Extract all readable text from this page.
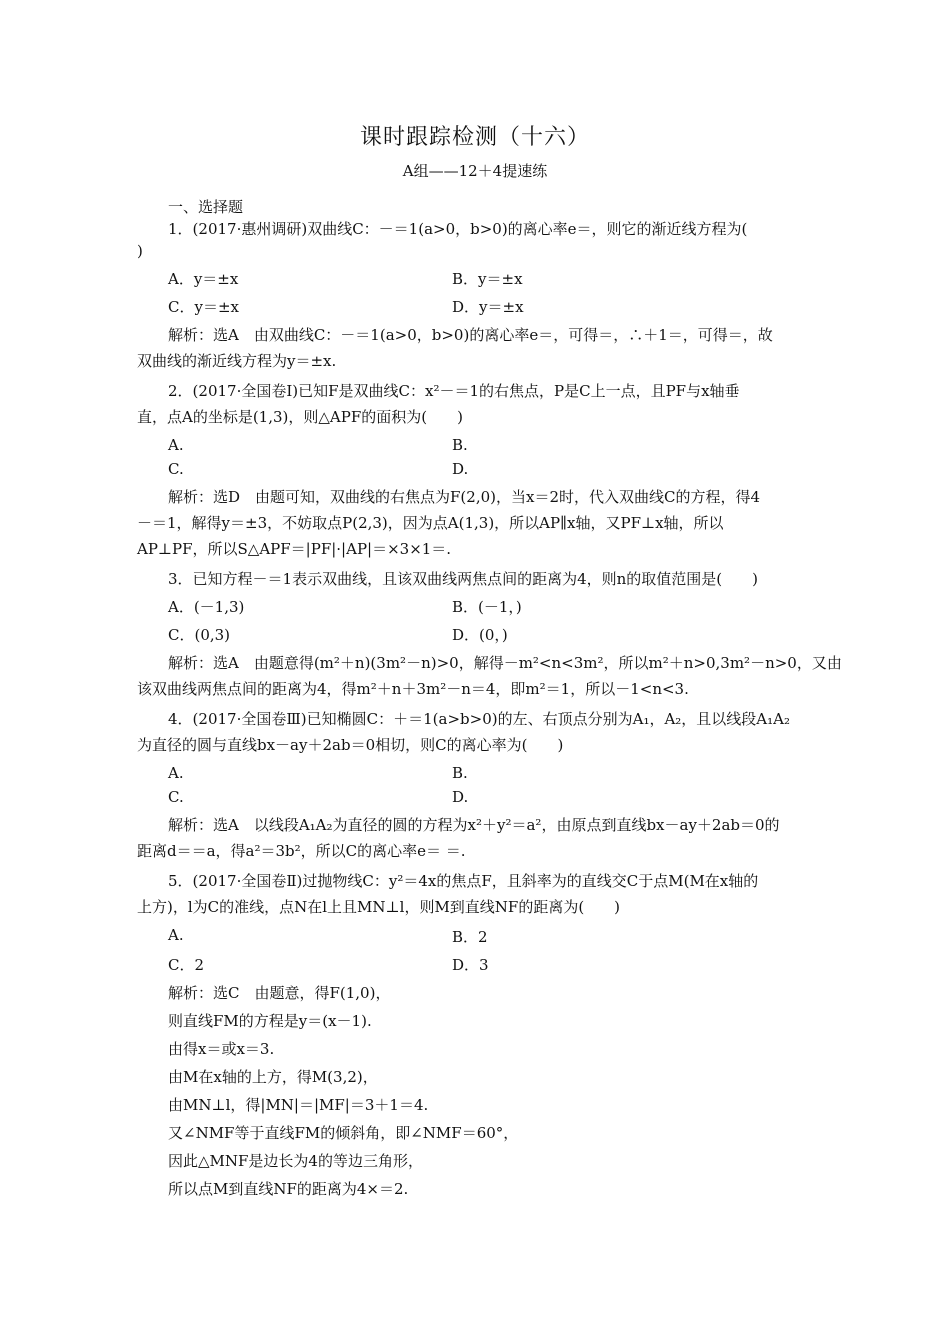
课时跟踪检测（十六）
A组——12＋4提速练
一、选择题
1．(2017·惠州调研)双曲线C：－＝1(a>0，b>0)的离心率e＝，则它的渐近线方程为(
)
A．y＝±x	B．y＝±x
C．y＝±x	D．y＝±x
解析：选A　由双曲线C：－＝1(a>0，b>0)的离心率e＝，可得＝，∴＋1＝，可得＝，故
双曲线的渐近线方程为y＝±x.
2．(2017·全国卷Ⅰ)已知F是双曲线C：x²－＝1的右焦点，P是C上一点，且PF与x轴垂
直，点A的坐标是(1,3)，则△APF的面积为(　　)
A.	B.
C.	D.
解析：选D　由题可知，双曲线的右焦点为F(2,0)，当x＝2时，代入双曲线C的方程，得4
－＝1，解得y＝±3，不妨取点P(2,3)，因为点A(1,3)，所以AP∥x轴，又PF⊥x轴，所以
AP⊥PF，所以S△APF＝|PF|·|AP|＝×3×1＝.
3．已知方程－＝1表示双曲线，且该双曲线两焦点间的距离为4，则n的取值范围是(　　)
A．(－1,3)	B．(－1，)
C．(0,3)	D．(0，)
解析：选A　由题意得(m²＋n)(3m²－n)>0，解得－m²<n<3m²，所以m²＋n>0,3m²－n>0，又由
该双曲线两焦点间的距离为4，得m²＋n＋3m²－n＝4，即m²＝1，所以－1<n<3.
4．(2017·全国卷Ⅲ)已知椭圆C：＋＝1(a>b>0)的左、右顶点分别为A₁，A₂，且以线段A₁A₂
为直径的圆与直线bx－ay＋2ab＝0相切，则C的离心率为(　　)
A.	B.
C.	D.
解析：选A　以线段A₁A₂为直径的圆的方程为x²＋y²＝a²，由原点到直线bx－ay＋2ab＝0的
距离d＝＝a，得a²＝3b²，所以C的离心率e＝ ＝.
5．(2017·全国卷Ⅱ)过抛物线C：y²＝4x的焦点F，且斜率为的直线交C于点M(M在x轴的
上方)，l为C的准线，点N在l上且MN⊥l，则M到直线NF的距离为(　　)
A.	B．2
C．2	D．3
解析：选C　由题意，得F(1,0)，
则直线FM的方程是y＝(x－1).
由得x＝或x＝3.
由M在x轴的上方，得M(3,2)，
由MN⊥l，得|MN|＝|MF|＝3＋1＝4.
又∠NMF等于直线FM的倾斜角，即∠NMF＝60°，
因此△MNF是边长为4的等边三角形，
所以点M到直线NF的距离为4×＝2.
